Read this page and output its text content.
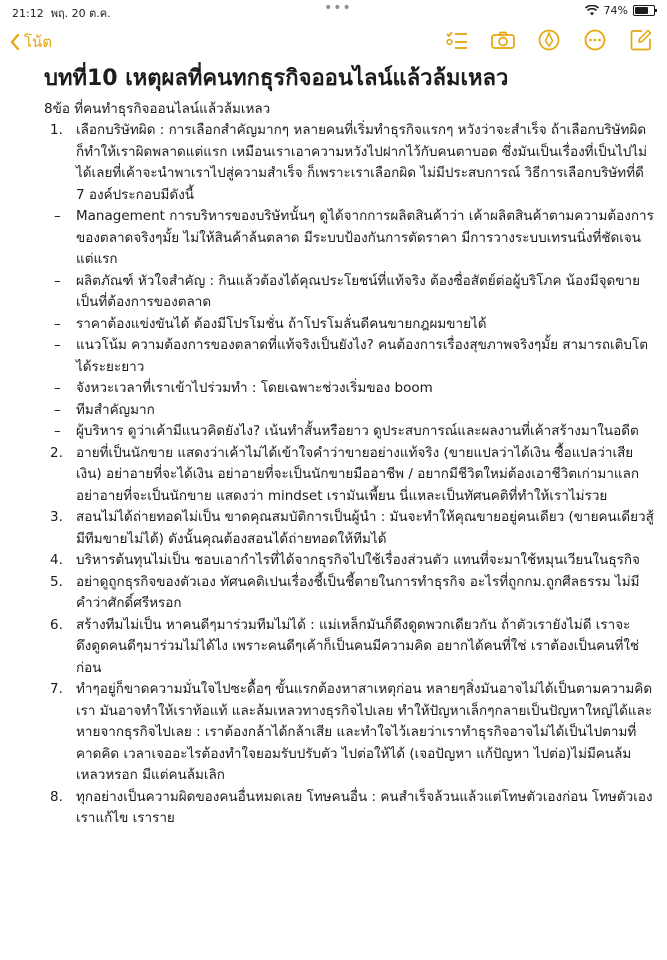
21:12 พฤ. 20 ต.ค.	•••	74%
โน้ต
บทที่10 เหตุผลที่คนทกธุรกิจออนไลน์แล้วล้มเหลว
8ข้อ ที่คนทำธุรกิจออนไลน์แล้วล้มเหลว
1. เลือกบริษัทผิด : การเลือกสำคัญมากๆ หลายคนที่เริ่มทำธุรกิจแรกๆ หวังว่าจะสำเร็จ ถ้าเลือกบริษัทผิดก็ทำให้เราผิดพลาดแต่แรก เหมือนเราเอาความหวังไปฝากไว้กับคนตาบอด ซึ่งมันเป็นเรื่องที่เป็นไปไม่ได้เลยที่เค้าจะนำพาเราไปสู่ความสำเร็จ ก็เพราะเราเลือกผิด ไม่มีประสบการณ์ วิธีการเลือกบริษัทที่ดี 7 องค์ประกอบมีดังนี้
– Management การบริหารของบริษัทนั้นๆ ดูได้จากการผลิตสินค้าว่า เค้าผลิตสินค้าตามความต้องการของตลาดจริงๆมั้ย ไม่ให้สินค้าล้นตลาด มีระบบป้องกันการตัดราคา มีการวางระบบเทรนนิ่งที่ชัดเจนแต่แรก
– ผลิตภัณฑ์ หัวใจสำคัญ : กินแล้วต้องได้คุณประโยชน์ที่แท้จริง ต้องซื่อสัตย์ต่อผู้บริโภค น้องมีจุดขายเป็นที่ต้องการของตลาด
– ราคาต้องแข่งขันได้ ต้องมีโปรโมชั่น ถ้าโปรโมลั่นดีคนขายกฎผมขายได้
– แนวโน้ม ความต้องการของตลาดที่แท้จริงเป็นยังไง? คนต้องการเรื่องสุขภาพจริงๆมั้ย สามารถเติบโตได้ระยะยาว
– จังหวะเวลาที่เราเข้าไปร่วมทำ : โดยเฉพาะช่วงเริ่มของ boom
– ทีมสำคัญมาก
– ผู้บริหาร ดูว่าเค้ามีแนวคิดยังไง? เน้นทำสั้นหรือยาว ดูประสบการณ์และผลงานที่เค้าสร้างมาในอดีต
2. อายที่เป็นนักขาย แสดงว่าเค้าไม่ได้เข้าใจคำว่าขายอย่างแท้จริง (ขายแปลว่าได้เงิน ซื้อแปลว่าเสียเงิน) อย่าอายที่จะได้เงิน อย่าอายที่จะเป็นนักขายมืออาชีพ / อยากมีชีวิตใหม่ต้องเอาชีวิตเก่ามาแลก อย่าอายที่จะเป็นนักขาย แสดงว่า mindset เรามันเพี้ยน นี่แหละเป็นทัศนคติที่ทำให้เราไม่รวย
3. สอนไม่ได้ถ่ายทอดไม่เป็น ขาดคุณสมบัติการเป็นผู้นำ : มันจะทำให้คุณขายอยู่คนเดียว (ขายคนเดียวสู้มีทีมขายไม่ได้) ดังนั้นคุณต้องสอนได้ถ่ายทอดให้ทีมได้
4. บริหารต้นทุนไม่เป็น ชอบเอากำไรที่ได้จากธุรกิจไปใช้เรื่องส่วนตัว แทนที่จะมาใช้หมุนเวียนในธุรกิจ
5. อย่าดูถูกธุรกิจของตัวเอง ทัศนคติเปนเรื่องชี้เป็นชี้ตายในการทำธุรกิจ อะไรที่ถูกกม.ถูกศีลธรรม ไม่มีคำว่าศักดิ์ศรีหรอก
6. สร้างทีมไม่เป็น หาคนดีๆมาร่วมทีมไม่ได้ : แม่เหล็กมันก็ดึงดูดพวกเดียวกัน ถ้าตัวเรายังไม่ดี เราจะดึงดูดคนดีๆมาร่วมไม่ได้ไง เพราะคนดีๆเค้าก็เป็นคนมีความคิด อยากได้คนที่ใช่ เราต้องเป็นคนที่ใช่ก่อน
7. ทำๆอยู่ก็ขาดความมั่นใจไปซะดื้อๆ ขั้นแรกต้องหาสาเหตุก่อน หลายๆสิ่งมันอาจไม่ได้เป็นตามความคิดเรา มันอาจทำให้เราท้อแท้ และล้มเหลวทางธุรกิจไปเลย ทำให้ปัญหาเล็กๆกลายเป็นปัญหาใหญ่ได้และหายจากธุรกิจไปเลย : เราต้องกล้าได้กล้าเสีย และทำใจไว้เลยว่าเราทำธุรกิจอาจไม่ได้เป็นไปตามที่คาดคิด เวลาเจออะไรต้องทำใจยอมรับปรับตัว ไปต่อให้ได้ (เจอปัญหา แก้ปัญหา ไปต่อ)ไม่มีคนล้มเหลวหรอก มีแต่คนล้มเลิก
8. ทุกอย่างเป็นความผิดของคนอื่นหมดเลย โทษคนอื่น : คนสำเร็จล้วนแล้วแต่โทษตัวเองก่อน โทษตัวเองเราแก้ไข เราราย
